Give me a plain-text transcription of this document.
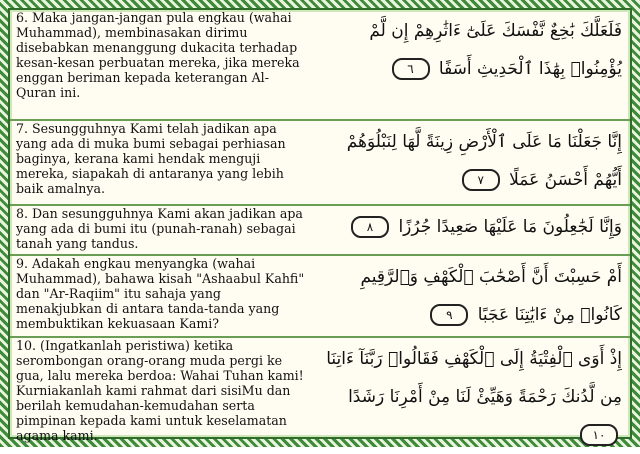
6. Maka jangan-jangan pula engkau (wahai Muhammad), membinasakan dirimu disebabkan menanggung dukacita terhadap kesan-kesan perbuatan mereka, jika mereka enggan beriman kepada keterangan Al-Quran ini.
فَلَعَلَّكَ بَٰخِعٌ نَّفْسَكَ عَلَىٰٓ ءَاثَٰرِهِمْ إِن لَّمْ يُؤْمِنُوا۟ بِهَٰذَا ٱلْحَدِيثِ أَسَفًا ٦
7. Sesungguhnya Kami telah jadikan apa yang ada di muka bumi sebagai perhiasan baginya, kerana kami hendak menguji mereka, siapakah di antaranya yang lebih baik amalnya.
إِنَّا جَعَلْنَا مَا عَلَى ٱلْأَرْضِ زِينَةً لَّهَا لِنَبْلُوَهُمْ أَيُّهُمْ أَحْسَنُ عَمَلًا ٧
8. Dan sesungguhnya Kami akan jadikan apa yang ada di bumi itu (punah-ranah) sebagai tanah yang tandus.
وَإِنَّا لَجَٰعِلُونَ مَا عَلَيْهَا صَعِيدًا جُرُزًا ٨
9. Adakah engkau menyangka (wahai Muhammad), bahawa kisah "Ashaabul Kahfi" dan "Ar-Raqiim" itu sahaja yang menakjubkan di antara tanda-tanda yang membuktikan kekuasaan Kami?
أَمْ حَسِبْتَ أَنَّ أَصْحَٰبَ ٱلْكَهْفِ وَٱلرَّقِيمِ كَانُوا۟ مِنْ ءَايَٰتِنَا عَجَبًا ٩
10. (Ingatkanlah peristiwa) ketika serombongan orang-orang muda pergi ke gua, lalu mereka berdoa: Wahai Tuhan kami! Kurniakanlah kami rahmat dari sisiMu dan berilah kemudahan-kemudahan serta pimpinan kepada kami untuk keselamatan agama kami.
إِذْ أَوَى ٱلْفِتْيَةُ إِلَى ٱلْكَهْفِ فَقَالُوا۟ رَبَّنَآ ءَاتِنَا مِن لَّدُنكَ رَحْمَةً وَهَيِّئْ لَنَا مِنْ أَمْرِنَا رَشَدًا ١٠
